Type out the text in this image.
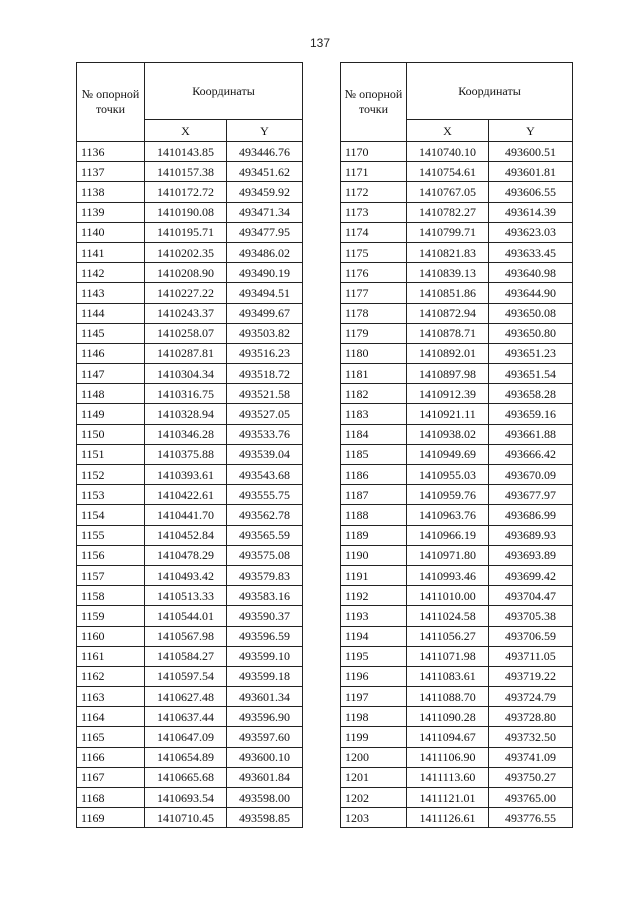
137
№ опорной точки	Координаты	
	X	Y
1136	1410143.85	493446.76
1137	1410157.38	493451.62
1138	1410172.72	493459.92
1139	1410190.08	493471.34
1140	1410195.71	493477.95
1141	1410202.35	493486.02
1142	1410208.90	493490.19
1143	1410227.22	493494.51
1144	1410243.37	493499.67
1145	1410258.07	493503.82
1146	1410287.81	493516.23
1147	1410304.34	493518.72
1148	1410316.75	493521.58
1149	1410328.94	493527.05
1150	1410346.28	493533.76
1151	1410375.88	493539.04
1152	1410393.61	493543.68
1153	1410422.61	493555.75
1154	1410441.70	493562.78
1155	1410452.84	493565.59
1156	1410478.29	493575.08
1157	1410493.42	493579.83
1158	1410513.33	493583.16
1159	1410544.01	493590.37
1160	1410567.98	493596.59
1161	1410584.27	493599.10
1162	1410597.54	493599.18
1163	1410627.48	493601.34
1164	1410637.44	493596.90
1165	1410647.09	493597.60
1166	1410654.89	493600.10
1167	1410665.68	493601.84
1168	1410693.54	493598.00
1169	1410710.45	493598.85
№ опорной точки	Координаты	
	X	Y
1170	1410740.10	493600.51
1171	1410754.61	493601.81
1172	1410767.05	493606.55
1173	1410782.27	493614.39
1174	1410799.71	493623.03
1175	1410821.83	493633.45
1176	1410839.13	493640.98
1177	1410851.86	493644.90
1178	1410872.94	493650.08
1179	1410878.71	493650.80
1180	1410892.01	493651.23
1181	1410897.98	493651.54
1182	1410912.39	493658.28
1183	1410921.11	493659.16
1184	1410938.02	493661.88
1185	1410949.69	493666.42
1186	1410955.03	493670.09
1187	1410959.76	493677.97
1188	1410963.76	493686.99
1189	1410966.19	493689.93
1190	1410971.80	493693.89
1191	1410993.46	493699.42
1192	1411010.00	493704.47
1193	1411024.58	493705.38
1194	1411056.27	493706.59
1195	1411071.98	493711.05
1196	1411083.61	493719.22
1197	1411088.70	493724.79
1198	1411090.28	493728.80
1199	1411094.67	493732.50
1200	1411106.90	493741.09
1201	1411113.60	493750.27
1202	1411121.01	493765.00
1203	1411126.61	493776.55
